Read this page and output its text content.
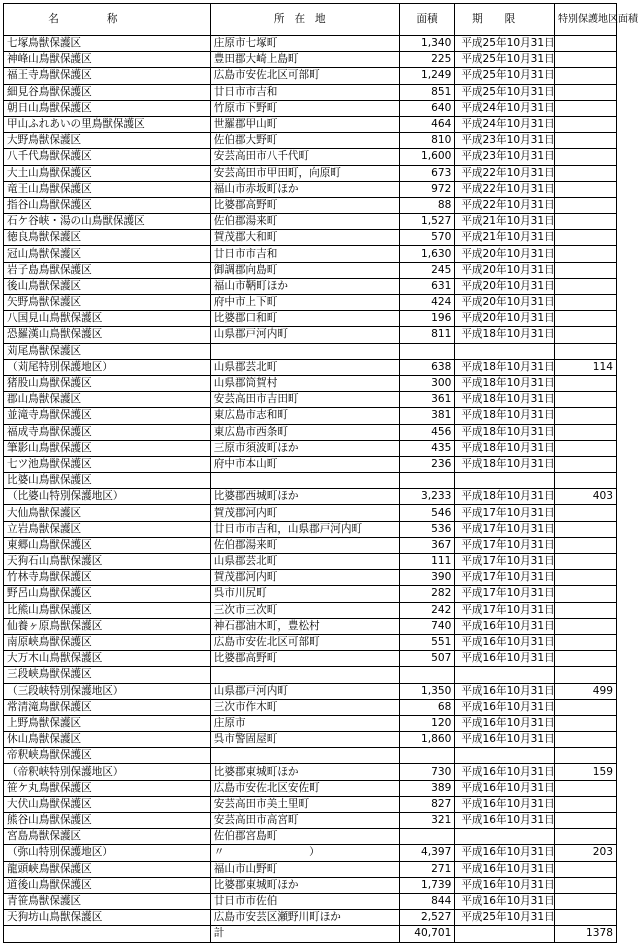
名称	所在地	面積	期限	特別保護地区面積
七塚鳥獣保護区	庄原市七塚町	1,340	平成25年10月31日	
神峰山鳥獣保護区	豊田郡大崎上島町	225	平成25年10月31日	
福王寺鳥獣保護区	広島市安佐北区可部町	1,249	平成25年10月31日	
細見谷鳥獣保護区	廿日市市吉和	851	平成25年10月31日	
朝日山鳥獣保護区	竹原市下野町	640	平成24年10月31日	
甲山ふれあいの里鳥獣保護区	世羅郡甲山町	464	平成24年10月31日	
大野鳥獣保護区	佐伯郡大野町	810	平成23年10月31日	
八千代鳥獣保護区	安芸高田市八千代町	1,600	平成23年10月31日	
大土山鳥獣保護区	安芸高田市甲田町，向原町	673	平成22年10月31日	
竜王山鳥獣保護区	福山市赤坂町ほか	972	平成22年10月31日	
指谷山鳥獣保護区	比婆郡高野町	88	平成22年10月31日	
石ケ谷峡・湯の山鳥獣保護区	佐伯郡湯来町	1,527	平成21年10月31日	
徳良鳥獣保護区	賀茂郡大和町	570	平成21年10月31日	
冠山鳥獣保護区	廿日市市吉和	1,630	平成20年10月31日	
岩子島鳥獣保護区	御調郡向島町	245	平成20年10月31日	
後山鳥獣保護区	福山市鞆町ほか	631	平成20年10月31日	
矢野鳥獣保護区	府中市上下町	424	平成20年10月31日	
八国見山鳥獣保護区	比婆郡口和町	196	平成20年10月31日	
恐羅漢山鳥獣保護区	山県郡戸河内町	811	平成18年10月31日	
苅尾鳥獣保護区				
（苅尾特別保護地区）	山県郡芸北町	638	平成18年10月31日	114
猪股山鳥獣保護区	山県郡筒賀村	300	平成18年10月31日	
郡山鳥獣保護区	安芸高田市吉田町	361	平成18年10月31日	
並滝寺鳥獣保護区	東広島市志和町	381	平成18年10月31日	
福成寺鳥獣保護区	東広島市西条町	456	平成18年10月31日	
筆影山鳥獣保護区	三原市須波町ほか	435	平成18年10月31日	
七ツ池鳥獣保護区	府中市本山町	236	平成18年10月31日	
比婆山鳥獣保護区				
（比婆山特別保護地区）	比婆郡西城町ほか	3,233	平成18年10月31日	403
大仙鳥獣保護区	賀茂郡河内町	546	平成17年10月31日	
立岩鳥獣保護区	廿日市市吉和，山県郡戸河内町	536	平成17年10月31日	
東郷山鳥獣保護区	佐伯郡湯来町	367	平成17年10月31日	
天狗石山鳥獣保護区	山県郡芸北町	111	平成17年10月31日	
竹林寺鳥獣保護区	賀茂郡河内町	390	平成17年10月31日	
野呂山鳥獣保護区	呉市川尻町	282	平成17年10月31日	
比熊山鳥獣保護区	三次市三次町	242	平成17年10月31日	
仙養ヶ原鳥獣保護区	神石郡油木町，豊松村	740	平成16年10月31日	
南原峡鳥獣保護区	広島市安佐北区可部町	551	平成16年10月31日	
大万木山鳥獣保護区	比婆郡高野町	507	平成16年10月31日	
三段峡鳥獣保護区				
（三段峡特別保護地区）	山県郡戸河内町	1,350	平成16年10月31日	499
常清滝鳥獣保護区	三次市作木町	68	平成16年10月31日	
上野鳥獣保護区	庄原市	120	平成16年10月31日	
休山鳥獣保護区	呉市警固屋町	1,860	平成16年10月31日	
帝釈峡鳥獣保護区				
（帝釈峡特別保護地区）	比婆郡東城町ほか	730	平成16年10月31日	159
笹ケ丸鳥獣保護区	広島市安佐北区安佐町	389	平成16年10月31日	
大伏山鳥獣保護区	安芸高田市美土里町	827	平成16年10月31日	
熊谷山鳥獣保護区	安芸高田市高宮町	321	平成16年10月31日	
宮島鳥獣保護区	佐伯郡宮島町			
（弥山特別保護地区）	〃　　　　　　　　）	4,397	平成16年10月31日	203
龍頭峡鳥獣保護区	福山市山野町	271	平成16年10月31日	
道後山鳥獣保護区	比婆郡東城町ほか	1,739	平成16年10月31日	
青笹鳥獣保護区	廿日市市佐伯	844	平成16年10月31日	
天狗坊山鳥獣保護区	広島市安芸区瀬野川町ほか	2,527	平成25年10月31日	
	計	40,701		1378
